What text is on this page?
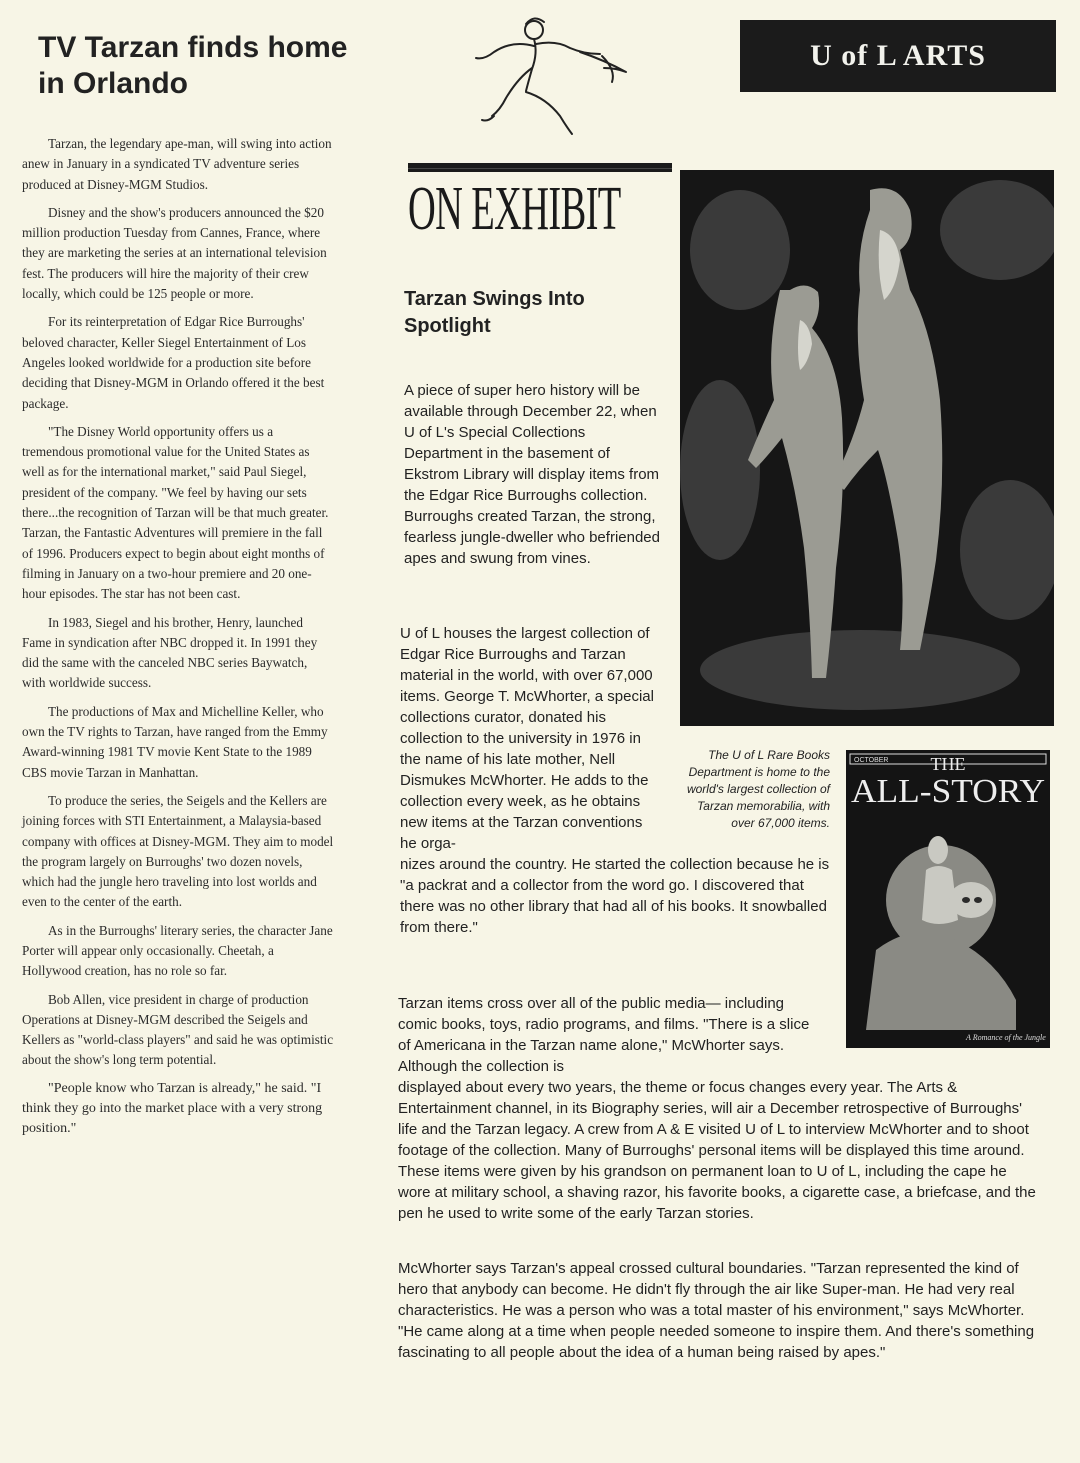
TV Tarzan finds home in Orlando

Tarzan, the legendary ape-man, will swing into action anew in January in a syndicated TV adventure series produced at Disney-MGM Studios.

Disney and the show's producers announced the $20 million production Tuesday from Cannes, France, where they are marketing the series at an international television fest. The producers will hire the majority of their crew locally, which could be 125 people or more.

For its reinterpretation of Edgar Rice Burroughs' beloved character, Keller Siegel Entertainment of Los Angeles looked worldwide for a production site before deciding that Disney-MGM in Orlando offered it the best package.

"The Disney World opportunity offers us a tremendous promotional value for the United States as well as for the international market," said Paul Siegel, president of the company. "We feel by having our sets there...the recognition of Tarzan will be that much greater. Tarzan, the Fantastic Adventures will premiere in the fall of 1996. Producers expect to begin about eight months of filming in January on a two-hour premiere and 20 one-hour episodes. The star has not been cast.

In 1983, Siegel and his brother, Henry, launched Fame in syndication after NBC dropped it. In 1991 they did the same with the canceled NBC series Baywatch, with worldwide success.

The productions of Max and Michelline Keller, who own the TV rights to Tarzan, have ranged from the Emmy Award-winning 1981 TV movie Kent State to the 1989 CBS movie Tarzan in Manhattan.

To produce the series, the Seigels and the Kellers are joining forces with STI Entertainment, a Malaysia-based company with offices at Disney-MGM. They aim to model the program largely on Burroughs' two dozen novels, which had the jungle hero traveling into lost worlds and even to the center of the earth.

As in the Burroughs' literary series, the character Jane Porter will appear only occasionally. Cheetah, a Hollywood creation, has no role so far.

Bob Allen, vice president in charge of production Operations at Disney-MGM described the Seigels and Kellers as "world-class players" and said he was optimistic about the show's long term potential.

"People know who Tarzan is already," he said. "I think they go into the market place with a very strong position."

U of L ARTS
ON EXHIBIT
Tarzan Swings Into Spotlight

A piece of super hero history will be available through December 22, when U of L's Special Collections Department in the basement of Ekstrom Library will display items from the Edgar Rice Burroughs collection. Burroughs created Tarzan, the strong, fearless jungle-dweller who befriended apes and swung from vines.

U of L houses the largest collection of Edgar Rice Burroughs and Tarzan material in the world, with over 67,000 items. George T. McWhorter, a special collections curator, donated his collection to the university in 1976 in the name of his late mother, Nell Dismukes McWhorter. He adds to the collection every week, as he obtains new items at the Tarzan conventions he orga-
nizes around the country. He started the collection because he is "a packrat and a collector from the word go. I discovered that there was no other library that had all of his books. It snowballed from there."
Tarzan items cross over all of the public media— including comic books, toys, radio programs, and films. "There is a slice of Americana in the Tarzan name alone," McWhorter says. Although the collection is
displayed about every two years, the theme or focus changes every year. The Arts & Entertainment channel, in its Biography series, will air a December retrospective of Burroughs' life and the Tarzan legacy. A crew from A & E visited U of L to interview McWhorter and to shoot footage of the collection. Many of Burroughs' personal items will be displayed this time around. These items were given by his grandson on permanent loan to U of L, including the cape he wore at military school, a shaving razor, his favorite books, a cigarette case, a briefcase, and the pen he used to write some of the early Tarzan stories.

McWhorter says Tarzan's appeal crossed cultural boundaries. "Tarzan represented the kind of hero that anybody can become. He didn't fly through the air like Super-man. He had very real characteristics. He was a person who was a total master of his environment," says McWhorter. "He came along at a time when people needed someone to inspire them. And there's something fascinating to all people about the idea of a human being raised by apes."

The U of L Rare Books Department is home to the world's largest collection of Tarzan memorabilia, with over 67,000 items.
OCTOBER THE
ALL-STORY
A Romance of the Jungle
